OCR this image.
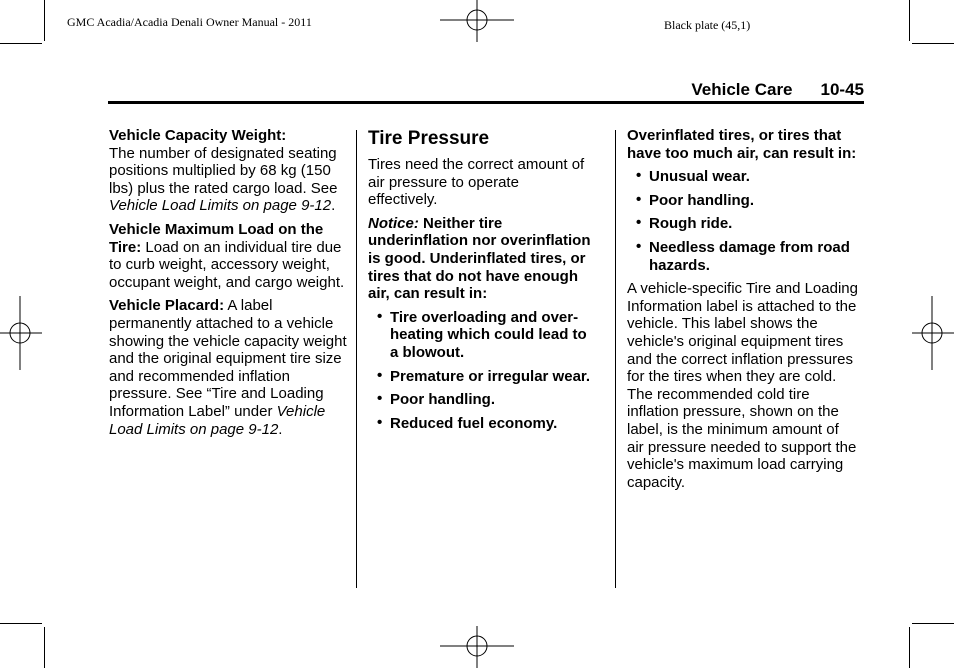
GMC Acadia/Acadia Denali Owner Manual - 2011	Black plate (45,1)
Vehicle Care 10-45

Vehicle Capacity Weight:
The number of designated seating positions multiplied by 68 kg (150 lbs) plus the rated cargo load. See Vehicle Load Limits on page 9-12.

Vehicle Maximum Load on the Tire: Load on an individual tire due to curb weight, accessory weight, occupant weight, and cargo weight.

Vehicle Placard: A label permanently attached to a vehicle showing the vehicle capacity weight and the original equipment tire size and recommended inflation pressure. See “Tire and Loading Information Label” under Vehicle Load Limits on page 9-12.

Tire Pressure

Tires need the correct amount of air pressure to operate effectively.

Notice: Neither tire underinflation nor overinflation is good. Underinflated tires, or tires that do not have enough air, can result in:

• Tire overloading and over-heating which could lead to a blowout.
• Premature or irregular wear.
• Poor handling.
• Reduced fuel economy.

Overinflated tires, or tires that have too much air, can result in:

• Unusual wear.
• Poor handling.
• Rough ride.
• Needless damage from road hazards.

A vehicle-specific Tire and Loading Information label is attached to the vehicle. This label shows the vehicle's original equipment tires and the correct inflation pressures for the tires when they are cold. The recommended cold tire inflation pressure, shown on the label, is the minimum amount of air pressure needed to support the vehicle's maximum load carrying capacity.
